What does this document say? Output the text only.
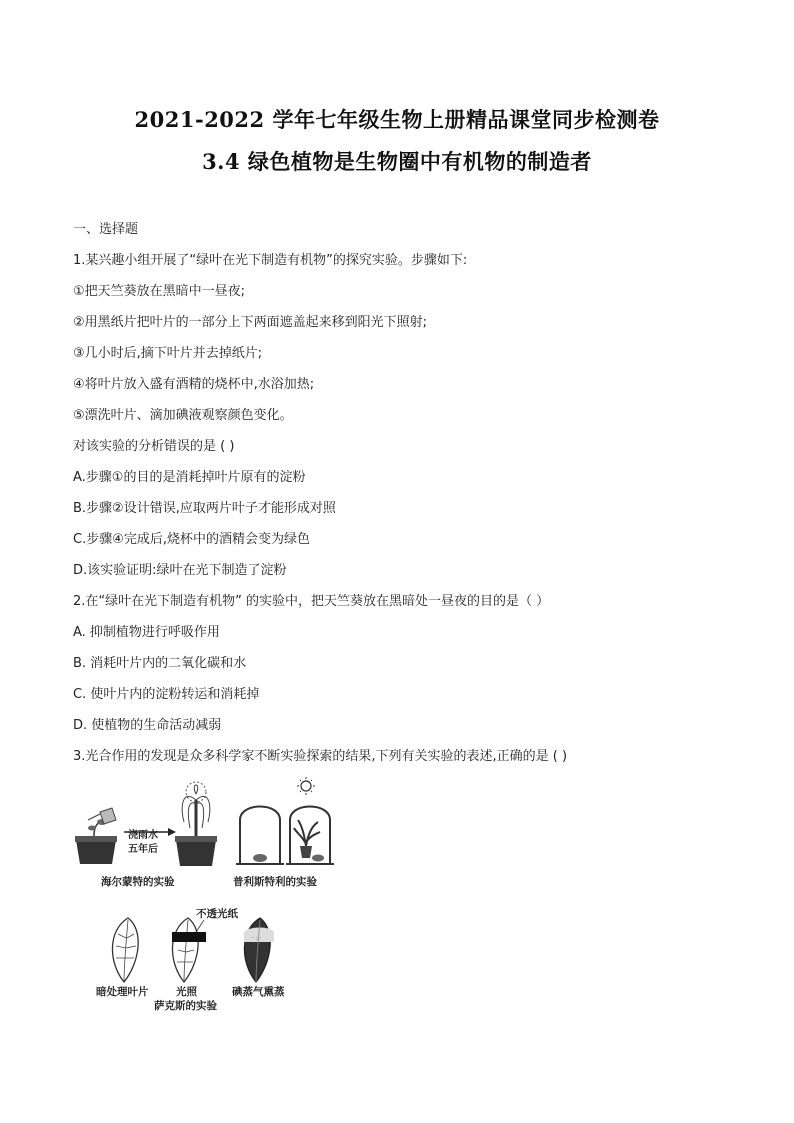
2021-2022 学年七年级生物上册精品课堂同步检测卷
3.4 绿色植物是生物圈中有机物的制造者
一、选择题
1.某兴趣小组开展了“绿叶在光下制造有机物”的探究实验。步骤如下:
①把天竺葵放在黑暗中一昼夜;
②用黑纸片把叶片的一部分上下两面遮盖起来移到阳光下照射;
③几小时后,摘下叶片并去掉纸片;
④将叶片放入盛有酒精的烧杯中,水浴加热;
⑤漂洗叶片、滴加碘液观察颜色变化。
对该实验的分析错误的是 ( )
A.步骤①的目的是消耗掉叶片原有的淀粉
B.步骤②设计错误,应取两片叶子才能形成对照
C.步骤④完成后,烧杯中的酒精会变为绿色
D.该实验证明:绿叶在光下制造了淀粉
2.在“绿叶在光下制造有机物” 的实验中，把天竺葵放在黑暗处一昼夜的目的是（ ）
A. 抑制植物进行呼吸作用
B. 消耗叶片内的二氧化碳和水
C. 使叶片内的淀粉转运和消耗掉
D. 使植物的生命活动减弱
3.光合作用的发现是众多科学家不断实验探索的结果,下列有关实验的表述,正确的是 ( )
浇雨水
五年后
海尔蒙特的实验	普利斯特利的实验
· : ·
不透光纸
暗处理叶片	光照	碘蒸气熏蒸
萨克斯的实验
